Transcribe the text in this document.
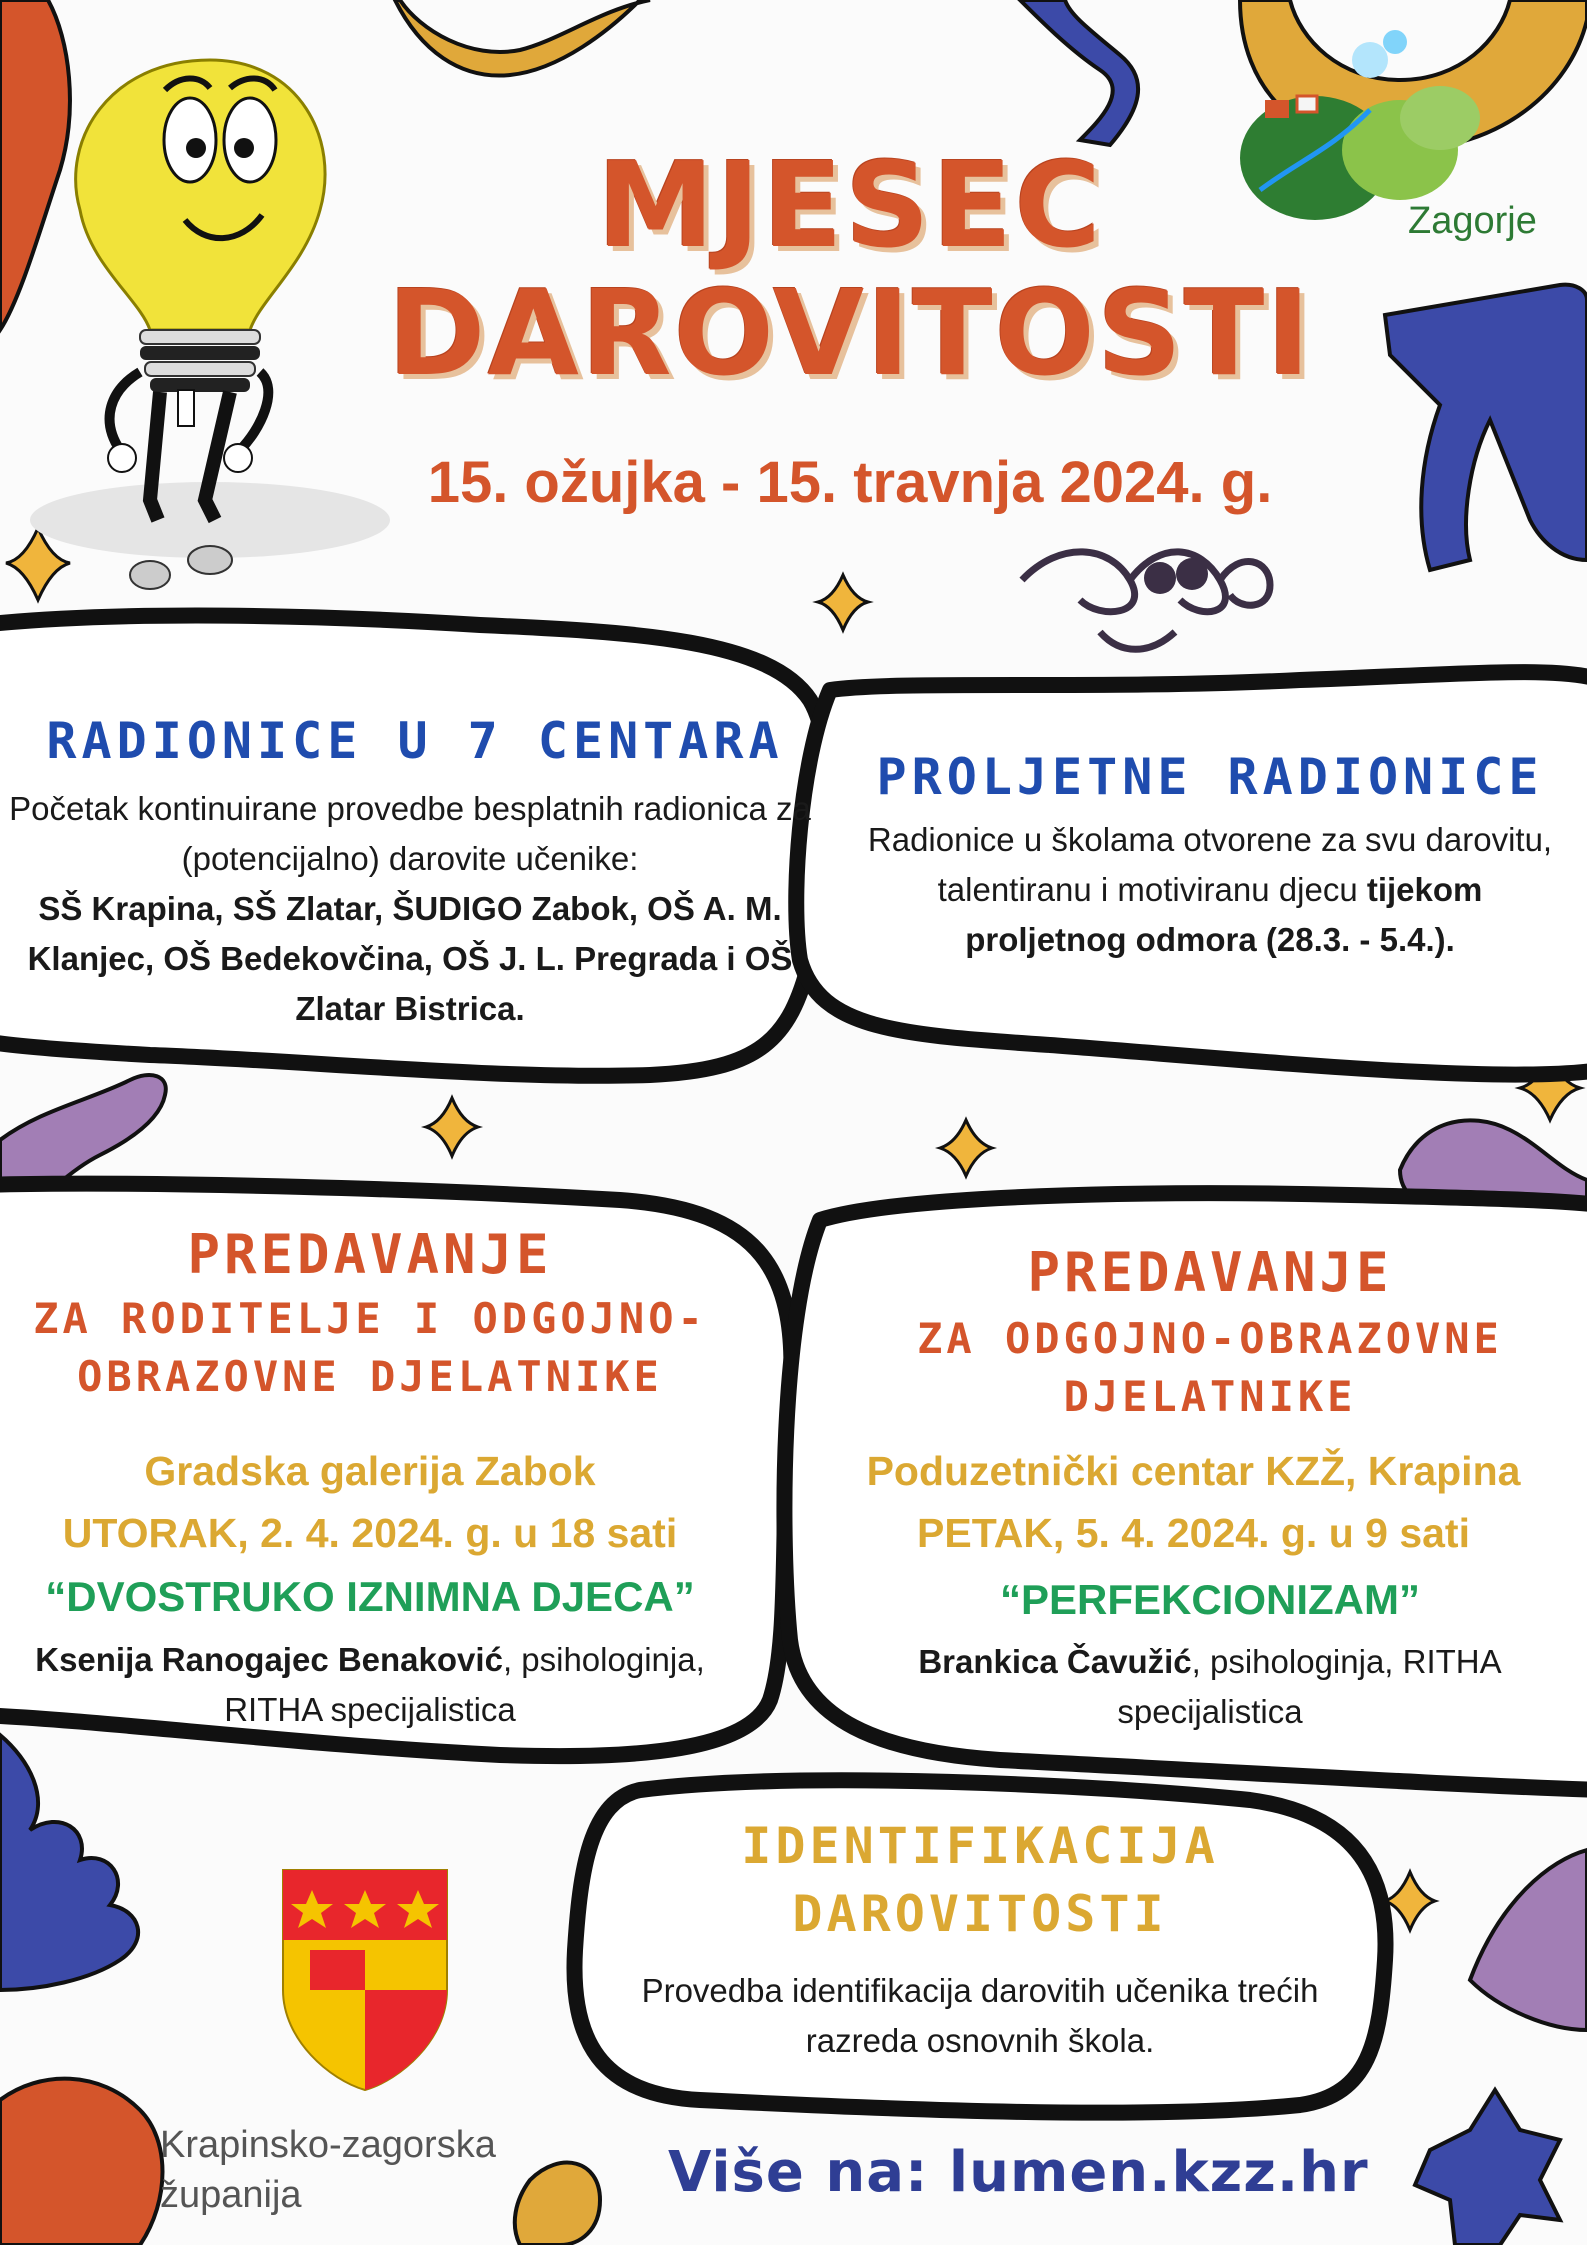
MJESEC
DAROVITOSTI
15. ožujka - 15. travnja 2024. g.
Zagorje
RADIONICE U 7 CENTARA
Početak kontinuirane provedbe besplatnih radionica za (potencijalno) darovite učenike:
SŠ Krapina, SŠ Zlatar, ŠUDIGO Zabok, OŠ A. M. Klanjec, OŠ Bedekovčina, OŠ J. L. Pregrada i OŠ Zlatar Bistrica.
PROLJETNE RADIONICE
Radionice u školama otvorene za svu darovitu, talentiranu i motiviranu djecu tijekom proljetnog odmora (28.3. - 5.4.).
PREDAVANJE
ZA RODITELJE I ODGOJNO-OBRAZOVNE DJELATNIKE
Gradska galerija Zabok
UTORAK, 2. 4. 2024. g. u 18 sati
“DVOSTRUKO IZNIMNA DJECA”
Ksenija Ranogajec Benaković, psihologinja, RITHA specijalistica
PREDAVANJE
ZA ODGOJNO-OBRAZOVNE DJELATNIKE
Poduzetnički centar KZŽ, Krapina
PETAK, 5. 4. 2024. g. u 9 sati
“PERFEKCIONIZAM”
Brankica Čavužić, psihologinja, RITHA specijalistica
IDENTIFIKACIJA DAROVITOSTI
Provedba identifikacija darovitih učenika trećih razreda osnovnih škola.
Krapinsko-zagorska županija	Više na: lumen.kzz.hr
